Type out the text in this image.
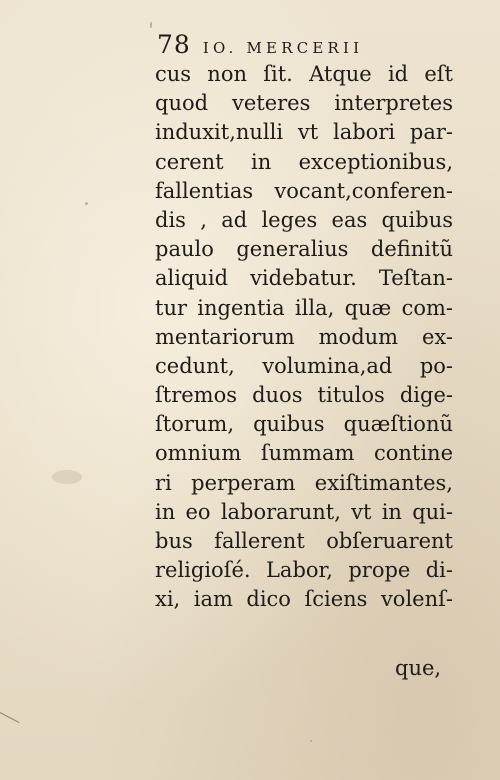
78 IO. MERCERII
cus non ſit. Atque id eſt
quod veteres interpretes
induxit,nulli vt labori par-
cerent in exceptionibus,
fallentias vocant,conferen-
dis , ad leges eas quibus
paulo generalius definitũ
aliquid videbatur. Teſtan-
tur ingentia illa, quæ com-
mentariorum modum ex-
cedunt, volumina,ad po-
ſtremos duos titulos dige-
ſtorum, quibus quæſtionũ
omnium ſummam contine
ri perperam exiſtimantes,
in eo laborarunt, vt in qui-
bus fallerent obſeruarent
religioſé. Labor, prope di-
xi, iam dico ſciens volenſ-
que,
